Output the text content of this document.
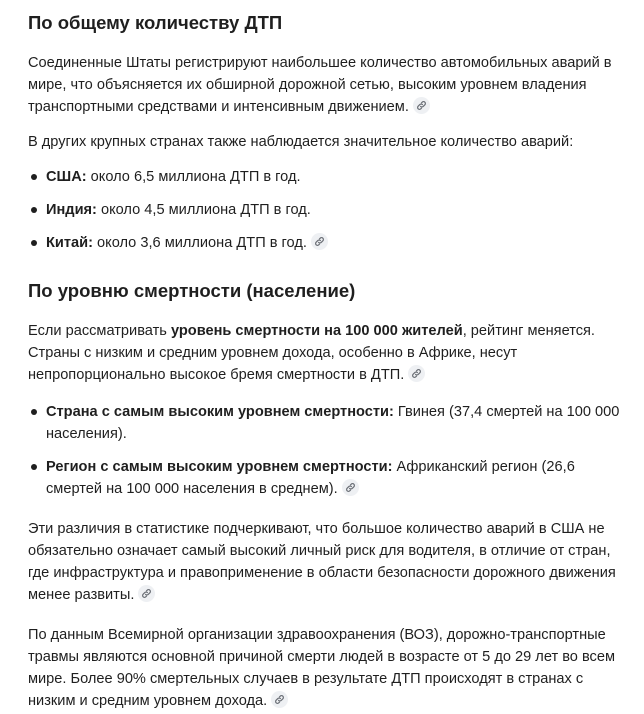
По общему количеству ДТП

Соединенные Штаты регистрируют наибольшее количество автомобильных аварий в мире, что объясняется их обширной дорожной сетью, высоким уровнем владения транспортными средствами и интенсивным движением.

В других крупных странах также наблюдается значительное количество аварий:

США: около 6,5 миллиона ДТП в год.
Индия: около 4,5 миллиона ДТП в год.
Китай: около 3,6 миллиона ДТП в год.
По уровню смертности (население)

Если рассматривать уровень смертности на 100 000 жителей, рейтинг меняется. Страны с низким и средним уровнем дохода, особенно в Африке, несут непропорционально высокое бремя смертности в ДТП.

Страна с самым высоким уровнем смертности: Гвинея (37,4 смертей на 100 000 населения).
Регион с самым высоким уровнем смертности: Африканский регион (26,6 смертей на 100 000 населения в среднем).

Эти различия в статистике подчеркивают, что большое количество аварий в США не обязательно означает самый высокий личный риск для водителя, в отличие от стран, где инфраструктура и правоприменение в области безопасности дорожного движения менее развиты.

По данным Всемирной организации здравоохранения (ВОЗ), дорожно-транспортные травмы являются основной причиной смерти людей в возрасте от 5 до 29 лет во всем мире. Более 90% смертельных случаев в результате ДТП происходят в странах с низким и средним уровнем дохода.
